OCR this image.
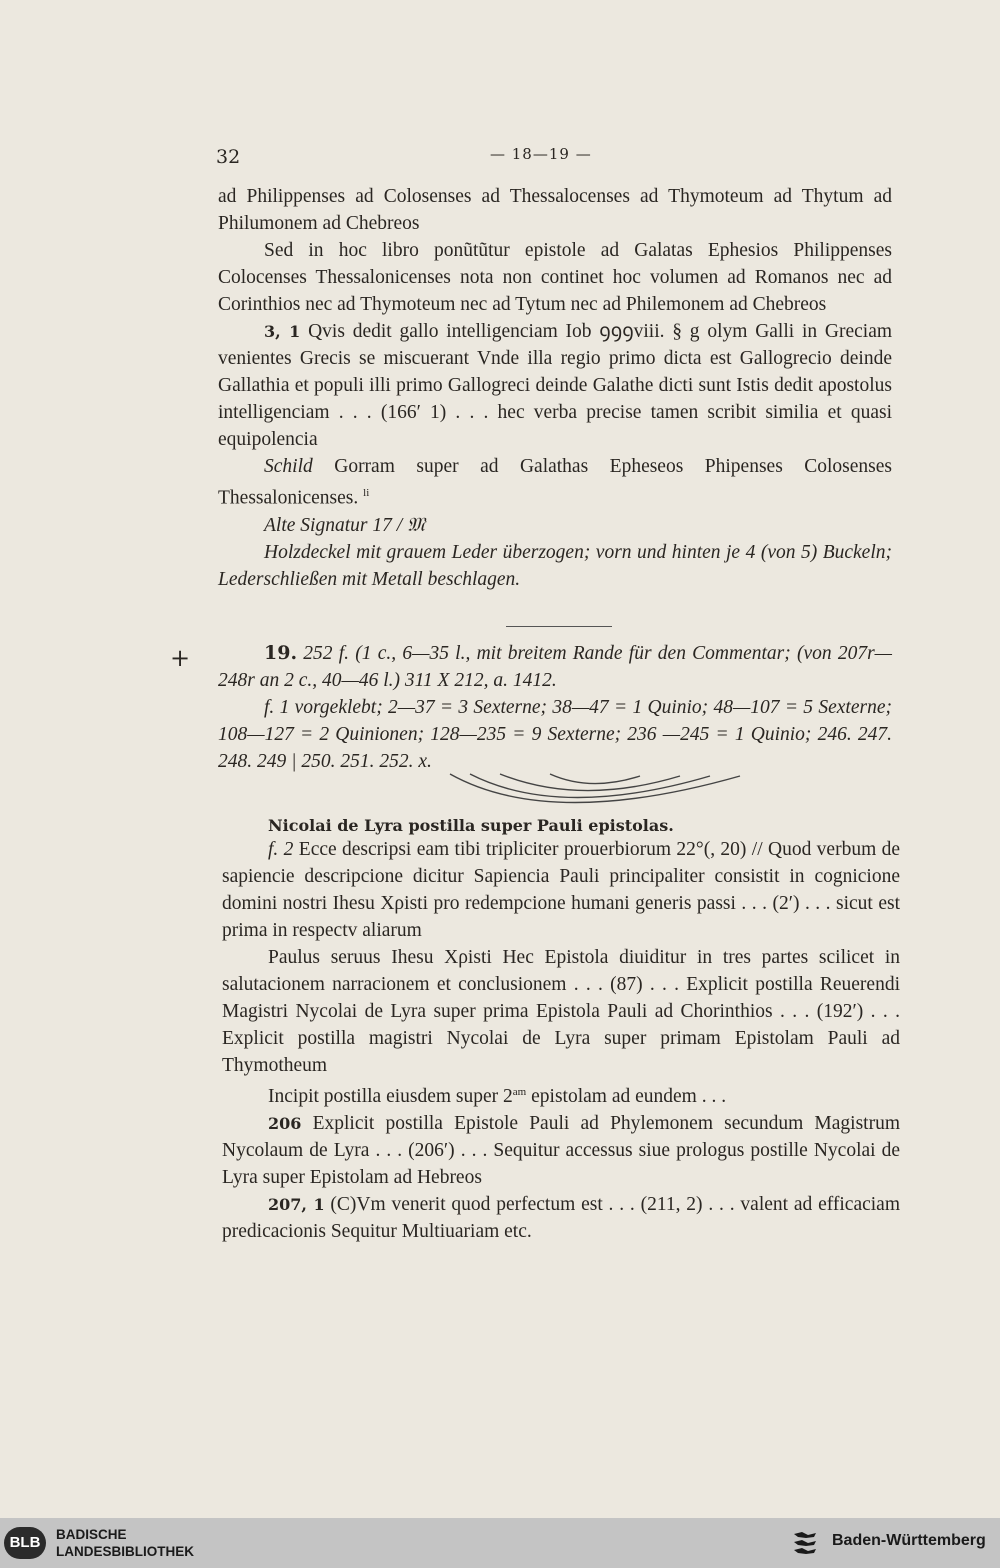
32	— 18—19 —

ad Philippenses ad Colosenses ad Thessalocenses ad Thymoteum ad Thytum ad Philumonem ad Chebreos

Sed in hoc libro ponũtũtur epistole ad Galatas Ephesios Philippenses Colocenses Thessalonicenses nota non continet hoc volumen ad Romanos nec ad Corinthios nec ad Thymoteum nec ad Tytum nec ad Philemonem ad Chebreos

3, 1 Qvis dedit gallo intelligenciam Iob ꝯꝯꝯviii. § g olym Galli in Greciam venientes Grecis se miscuerant Vnde illa regio primo dicta est Gallogrecio deinde Gallathia et populi illi primo Gallogreci deinde Galathe dicti sunt Istis dedit apostolus intelligenciam . . . (166′ 1) . . . hec verba precise tamen scribit similia et quasi equipolencia

Schild Gorram super ad Galathas Epheseos Phipenses Colosenses Thessalonicenses. $^{li}$

Alte Signatur 17 / 𝔐

Holzdeckel mit grauem Leder überzogen; vorn und hinten je 4 (von 5) Buckeln; Lederschließen mit Metall beschlagen.

+	19. 252 f. (1 c., 6—35 l., mit breitem Rande für den Commentar; (von 207r—248r an 2 c., 40—46 l.) 311 X 212, a. 1412.

f. 1 vorgeklebt; 2—37 = 3 Sexterne; 38—47 = 1 Quinio; 48—107 = 5 Sexterne; 108—127 = 2 Quinionen; 128—235 = 9 Sexterne; 236 —245 = 1 Quinio; 246. 247. 248. 249 | 250. 251. 252. x.

Nicolai de Lyra postilla super Pauli epistolas.

f. 2 Ecce descripsi eam tibi tripliciter prouerbiorum 22°(, 20) // Quod verbum de sapiencie descripcione dicitur Sapiencia Pauli principaliter consistit in cognicione domini nostri Ihesu Xρisti pro redempcione humani generis passi . . . (2′) . . . sicut est prima in respectv aliarum

Paulus seruus Ihesu Xρisti Hec Epistola diuiditur in tres partes scilicet in salutacionem narracionem et conclusionem . . . (87) . . . Explicit postilla Reuerendi Magistri Nycolai de Lyra super prima Epistola Pauli ad Chorinthios . . . (192′) . . . Explicit postilla magistri Nycolai de Lyra super primam Epistolam Pauli ad Thymotheum

Incipit postilla eiusdem super $2^{am}$ epistolam ad eundem . . .

206 Explicit postilla Epistole Pauli ad Phylemonem secundum Magistrum Nycolaum de Lyra . . . (206′) . . . Sequitur accessus siue prologus postille Nycolai de Lyra super Epistolam ad Hebreos

207, 1 (C)Vm venerit quod perfectum est . . . (211, 2) . . . valent ad efficaciam predicacionis Sequitur Multiuariam etc.

BLB	BADISCHE
LANDESBIBLIOTHEK
Baden-Württemberg
